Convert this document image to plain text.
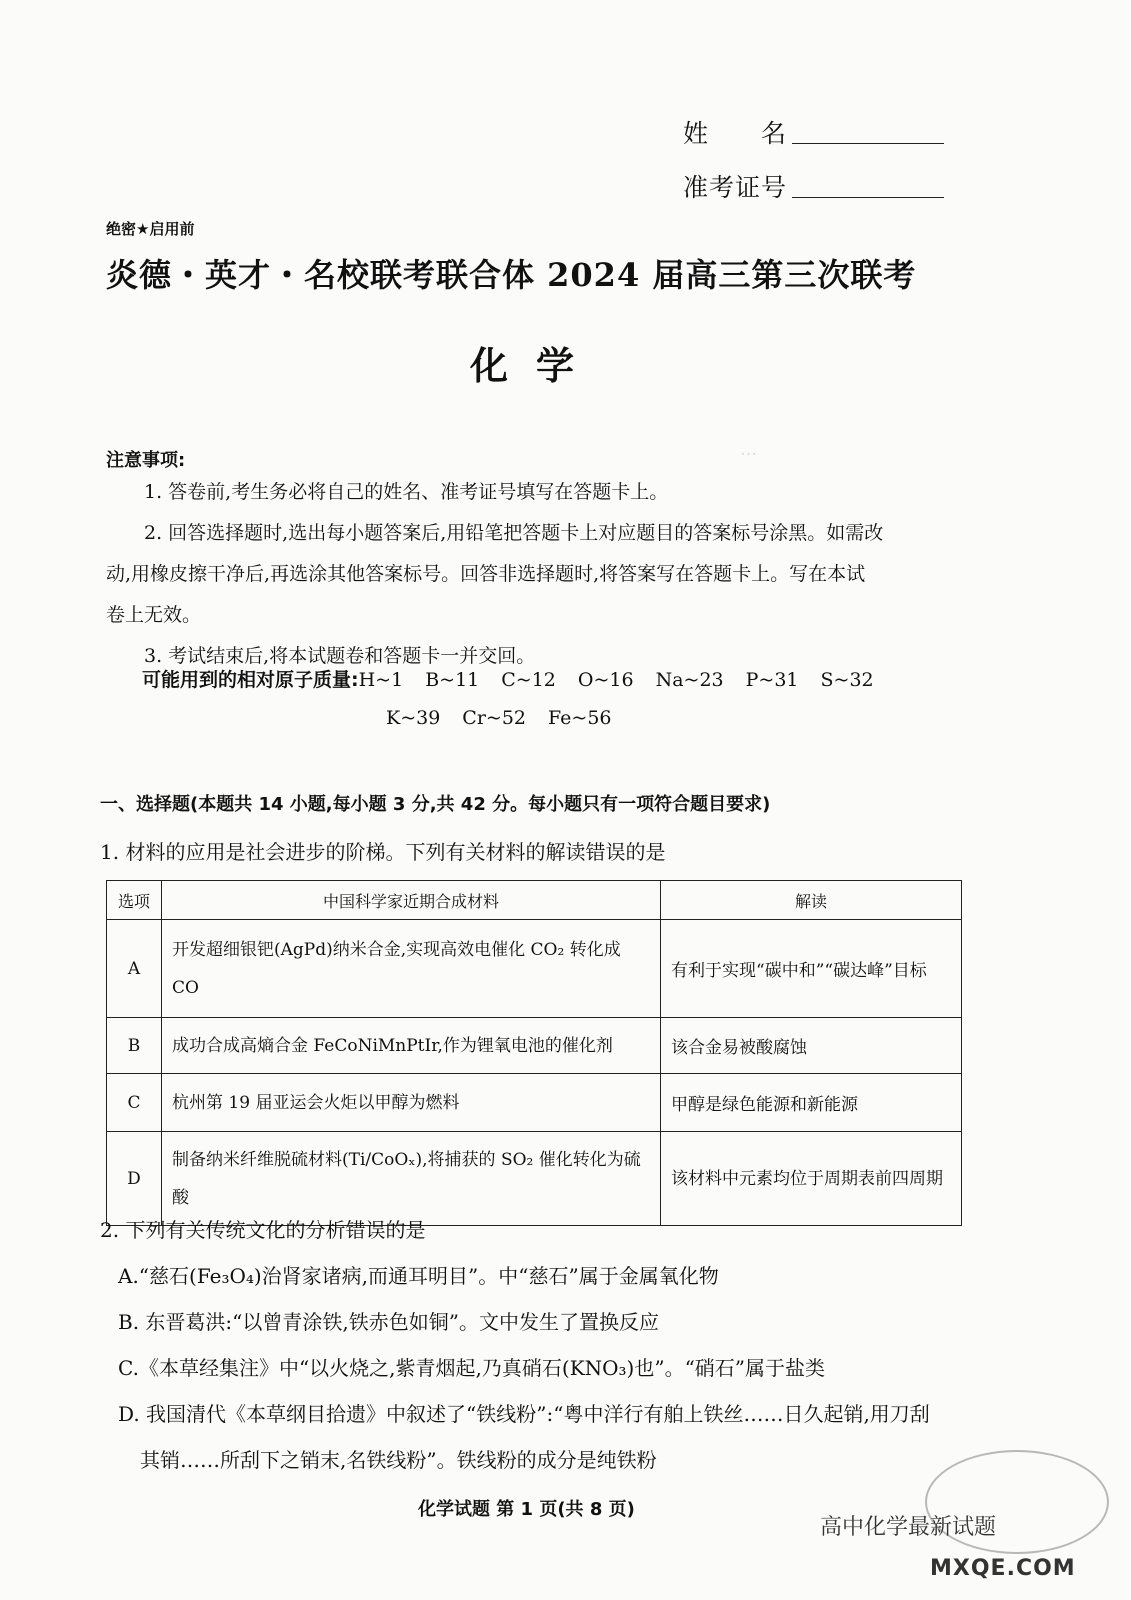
…
姓　　名
准考证号
绝密★启用前
炎德・英才・名校联考联合体 2024 届高三第三次联考
化学
注意事项:
1. 答卷前,考生务必将自己的姓名、准考证号填写在答题卡上。
2. 回答选择题时,选出每小题答案后,用铅笔把答题卡上对应题目的答案标号涂黑。如需改
动,用橡皮擦干净后,再选涂其他答案标号。回答非选择题时,将答案写在答题卡上。写在本试
卷上无效。
3. 考试结束后,将本试题卷和答题卡一并交回。
可能用到的相对原子质量:H~1 B~11 C~12 O~16 Na~23 P~31 S~32
K~39 Cr~52 Fe~56
一、选择题(本题共 14 小题,每小题 3 分,共 42 分。每小题只有一项符合题目要求)
1. 材料的应用是社会进步的阶梯。下列有关材料的解读错误的是
选项	中国科学家近期合成材料	解读
A	开发超细银钯(AgPd)纳米合金,实现高效电催化 CO₂ 转化成 CO	有利于实现“碳中和”“碳达峰”目标
B	成功合成高熵合金 FeCoNiMnPtIr,作为锂氧电池的催化剂	该合金易被酸腐蚀
C	杭州第 19 届亚运会火炬以甲醇为燃料	甲醇是绿色能源和新能源
D	制备纳米纤维脱硫材料(Ti/CoOₓ),将捕获的 SO₂ 催化转化为硫酸	该材料中元素均位于周期表前四周期
2. 下列有关传统文化的分析错误的是
A.“慈石(Fe₃O₄)治肾家诸病,而通耳明目”。中“慈石”属于金属氧化物
B. 东晋葛洪:“以曾青涂铁,铁赤色如铜”。文中发生了置换反应
C.《本草经集注》中“以火烧之,紫青烟起,乃真硝石(KNO₃)也”。“硝石”属于盐类
D. 我国清代《本草纲目拾遗》中叙述了“铁线粉”:“粤中洋行有舶上铁丝……日久起销,用刀刮
其销……所刮下之销末,名铁线粉”。铁线粉的成分是纯铁粉
化学试题 第 1 页(共 8 页)
高中化学最新试题
MXQE.COM
